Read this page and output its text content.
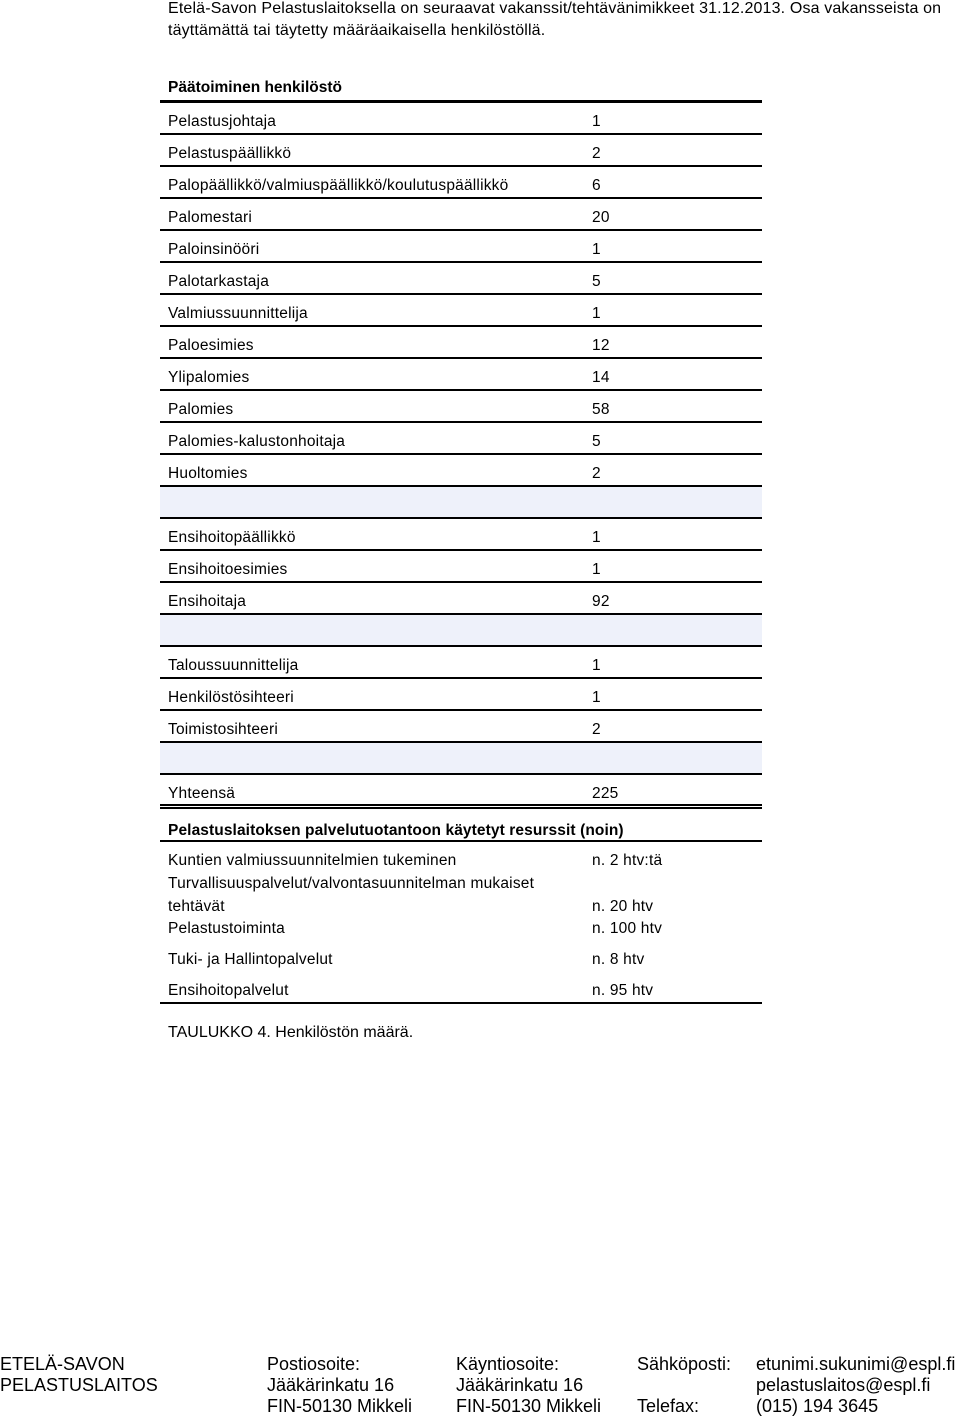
Etelä-Savon Pelastuslaitoksella on seuraavat vakanssit/tehtävänimikkeet 31.12.2013. Osa vakansseista on
täyttämättä tai täytetty määräaikaisella henkilöstöllä.
Päätoiminen henkilöstö
Pelastusjohtaja	1
Pelastuspäällikkö	2
Palopäällikkö/valmiuspäällikkö/koulutuspäällikkö	6
Palomestari	20
Paloinsinööri	1
Palotarkastaja	5
Valmiussuunnittelija	1
Paloesimies	12
Ylipalomies	14
Palomies	58
Palomies-kalustonhoitaja	5
Huoltomies	2
Ensihoitopäällikkö	1
Ensihoitoesimies	1
Ensihoitaja	92
Taloussuunnittelija	1
Henkilöstösihteeri	1
Toimistosihteeri	2
Yhteensä	225
Pelastuslaitoksen palvelutuotantoon käytetyt resurssit (noin)
Kuntien valmiussuunnitelmien tukeminen	n. 2 htv:tä
Turvallisuuspalvelut/valvontasuunnitelman mukaiset
tehtävät	n. 20 htv
Pelastustoiminta	n. 100 htv
Tuki- ja Hallintopalvelut	n. 8 htv
Ensihoitopalvelut	n. 95 htv
TAULUKKO 4. Henkilöstön määrä.
ETELÄ-SAVON
PELASTUSLAITOS
Postiosoite:
Jääkärinkatu 16
FIN-50130 Mikkeli
Käyntiosoite:
Jääkärinkatu 16
FIN-50130 Mikkeli
Sähköposti: etunimi.sukunimi@espl.fi
pelastuslaitos@espl.fi
Telefax:	(015) 194 3645
